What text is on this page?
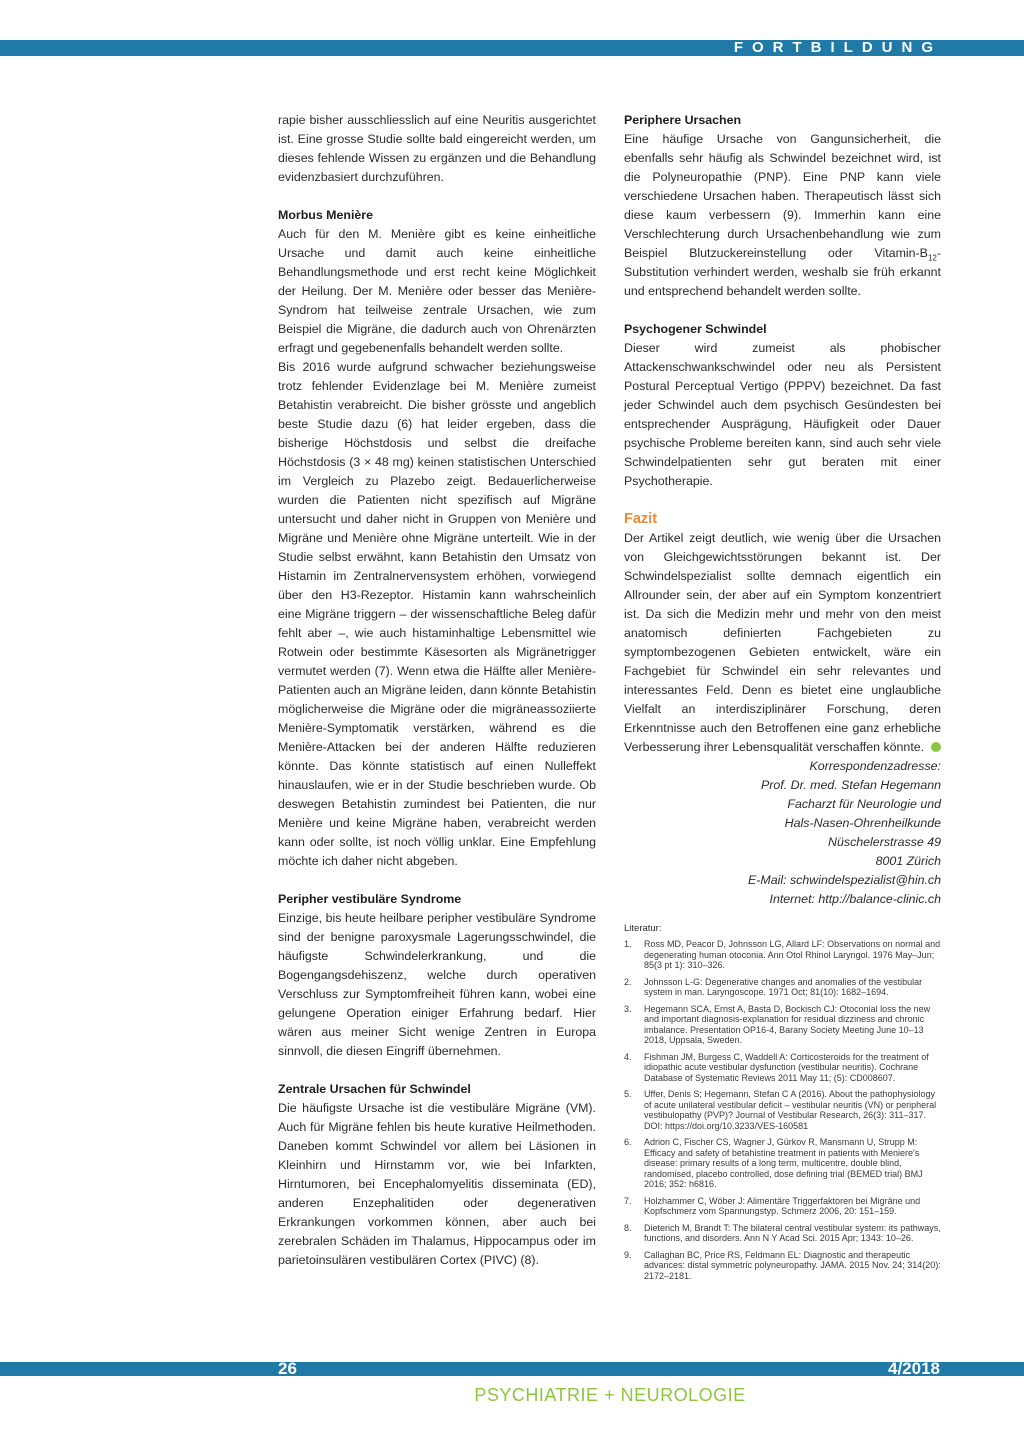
FORTBILDUNG

rapie bisher ausschliesslich auf eine Neuritis ausgerichtet ist. Eine grosse Studie sollte bald eingereicht werden, um dieses fehlende Wissen zu ergänzen und die Behandlung evidenzbasiert durchzuführen.

Morbus Menière

Auch für den M. Menière gibt es keine einheitliche Ursache und damit auch keine einheitliche Behandlungsmethode und erst recht keine Möglichkeit der Heilung. Der M. Menière oder besser das Menière-Syndrom hat teilweise zentrale Ursachen, wie zum Beispiel die Migräne, die dadurch auch von Ohrenärzten erfragt und gegebenenfalls behandelt werden sollte.

Bis 2016 wurde aufgrund schwacher beziehungsweise trotz fehlender Evidenzlage bei M. Menière zumeist Betahistin verabreicht. Die bisher grösste und angeblich beste Studie dazu (6) hat leider ergeben, dass die bisherige Höchstdosis und selbst die dreifache Höchstdosis (3 × 48 mg) keinen statistischen Unterschied im Vergleich zu Plazebo zeigt. Bedauerlicherweise wurden die Patienten nicht spezifisch auf Migräne untersucht und daher nicht in Gruppen von Menière und Migräne und Menière ohne Migräne unterteilt. Wie in der Studie selbst erwähnt, kann Betahistin den Umsatz von Histamin im Zentralnervensystem erhöhen, vorwiegend über den H3-Rezeptor. Histamin kann wahrscheinlich eine Migräne triggern – der wissenschaftliche Beleg dafür fehlt aber –, wie auch histaminhaltige Lebensmittel wie Rotwein oder bestimmte Käsesorten als Migränetrigger vermutet werden (7). Wenn etwa die Hälfte aller Menière-Patienten auch an Migräne leiden, dann könnte Betahistin möglicherweise die Migräne oder die migräneassoziierte Menière-Symptomatik verstärken, während es die Menière-Attacken bei der anderen Hälfte reduzieren könnte. Das könnte statistisch auf einen Nulleffekt hinauslaufen, wie er in der Studie beschrieben wurde. Ob deswegen Betahistin zumindest bei Patienten, die nur Menière und keine Migräne haben, verabreicht werden kann oder sollte, ist noch völlig unklar. Eine Empfehlung möchte ich daher nicht abgeben.

Peripher vestibuläre Syndrome

Einzige, bis heute heilbare peripher vestibuläre Syndrome sind der benigne paroxysmale Lagerungsschwindel, die häufigste Schwindelerkrankung, und die Bogengangsdehiszenz, welche durch operativen Verschluss zur Symptomfreiheit führen kann, wobei eine gelungene Operation einiger Erfahrung bedarf. Hier wären aus meiner Sicht wenige Zentren in Europa sinnvoll, die diesen Eingriff übernehmen.

Zentrale Ursachen für Schwindel

Die häufigste Ursache ist die vestibuläre Migräne (VM). Auch für Migräne fehlen bis heute kurative Heilmethoden. Daneben kommt Schwindel vor allem bei Läsionen in Kleinhirn und Hirnstamm vor, wie bei Infarkten, Hirntumoren, bei Encephalomyelitis disseminata (ED), anderen Enzephalitiden oder degenerativen Erkrankungen vorkommen können, aber auch bei zerebralen Schäden im Thalamus, Hippocampus oder im parietoinsulären vestibulären Cortex (PIVC) (8).

Periphere Ursachen

Eine häufige Ursache von Gangunsicherheit, die ebenfalls sehr häufig als Schwindel bezeichnet wird, ist die Polyneuropathie (PNP). Eine PNP kann viele verschiedene Ursachen haben. Therapeutisch lässt sich diese kaum verbessern (9). Immerhin kann eine Verschlechterung durch Ursachenbehandlung wie zum Beispiel Blutzuckereinstellung oder Vitamin-$B_{12}$-Substitution verhindert werden, weshalb sie früh erkannt und entsprechend behandelt werden sollte.

Psychogener Schwindel

Dieser wird zumeist als phobischer Attackenschwankschwindel oder neu als Persistent Postural Perceptual Vertigo (PPPV) bezeichnet. Da fast jeder Schwindel auch dem psychisch Gesündesten bei entsprechender Ausprägung, Häufigkeit oder Dauer psychische Probleme bereiten kann, sind auch sehr viele Schwindelpatienten sehr gut beraten mit einer Psychotherapie.

Fazit

Der Artikel zeigt deutlich, wie wenig über die Ursachen von Gleichgewichtsstörungen bekannt ist. Der Schwindelspezialist sollte demnach eigentlich ein Allrounder sein, der aber auf ein Symptom konzentriert ist. Da sich die Medizin mehr und mehr von den meist anatomisch definierten Fachgebieten zu symptombezogenen Gebieten entwickelt, wäre ein Fachgebiet für Schwindel ein sehr relevantes und interessantes Feld. Denn es bietet eine unglaubliche Vielfalt an interdisziplinärer Forschung, deren Erkenntnisse auch den Betroffenen eine ganz erhebliche Verbesserung ihrer Lebensqualität verschaffen könnte.

Korrespondenzadresse:
Prof. Dr. med. Stefan Hegemann
Facharzt für Neurologie und
Hals-Nasen-Ohrenheilkunde
Nüschelerstrasse 49
8001 Zürich
E-Mail: schwindelspezialist@hin.ch
Internet: http://balance-clinic.ch
Literatur:
1. Ross MD, Peacor D, Johnsson LG, Allard LF: Observations on normal and degenerating human otoconia. Ann Otol Rhinol Laryngol. 1976 May–Jun; 85(3 pt 1): 310–326.
2. Johnsson L-G: Degenerative changes and anomalies of the vestibular system in man. Laryngoscope. 1971 Oct; 81(10): 1682–1694.
3. Hegemann SCA, Ernst A, Basta D, Bockisch CJ: Otoconial loss the new and important diagnosis-explanation for residual dizziness and chronic imbalance. Presentation OP16-4, Barany Society Meeting June 10–13 2018, Uppsala, Sweden.
4. Fishman JM, Burgess C, Waddell A: Corticosteroids for the treatment of idiopathic acute vestibular dysfunction (vestibular neuritis). Cochrane Database of Systematic Reviews 2011 May 11; (5): CD008607.
5. Uffer, Denis S; Hegemann, Stefan C A (2016). About the pathophysiology of acute unilateral vestibular deficit – vestibular neuritis (VN) or peripheral vestibulopathy (PVP)? Journal of Vestibular Research, 26(3): 311–317. DOI: https://doi.org/10.3233/VES-160581
6. Adrion C, Fischer CS, Wagner J, Gürkov R, Mansmann U, Strupp M: Efficacy and safety of betahistine treatment in patients with Meniere's disease: primary results of a long term, multicentre, double blind, randomised, placebo controlled, dose defining trial (BEMED trial) BMJ 2016; 352: h6816.
7. Holzhammer C, Wöber J: Alimentäre Triggerfaktoren bei Migräne und Kopfschmerz vom Spannungstyp. Schmerz 2006, 20: 151–159.
8. Dieterich M, Brandt T: The bilateral central vestibular system: its pathways, functions, and disorders. Ann N Y Acad Sci. 2015 Apr; 1343: 10–26.
9. Callaghan BC, Price RS, Feldmann EL: Diagnostic and therapeutic advances: distal symmetric polyneuropathy. JAMA. 2015 Nov. 24; 314(20): 2172–2181.
26	4/2018
PSYCHIATRIE + NEUROLOGIE
